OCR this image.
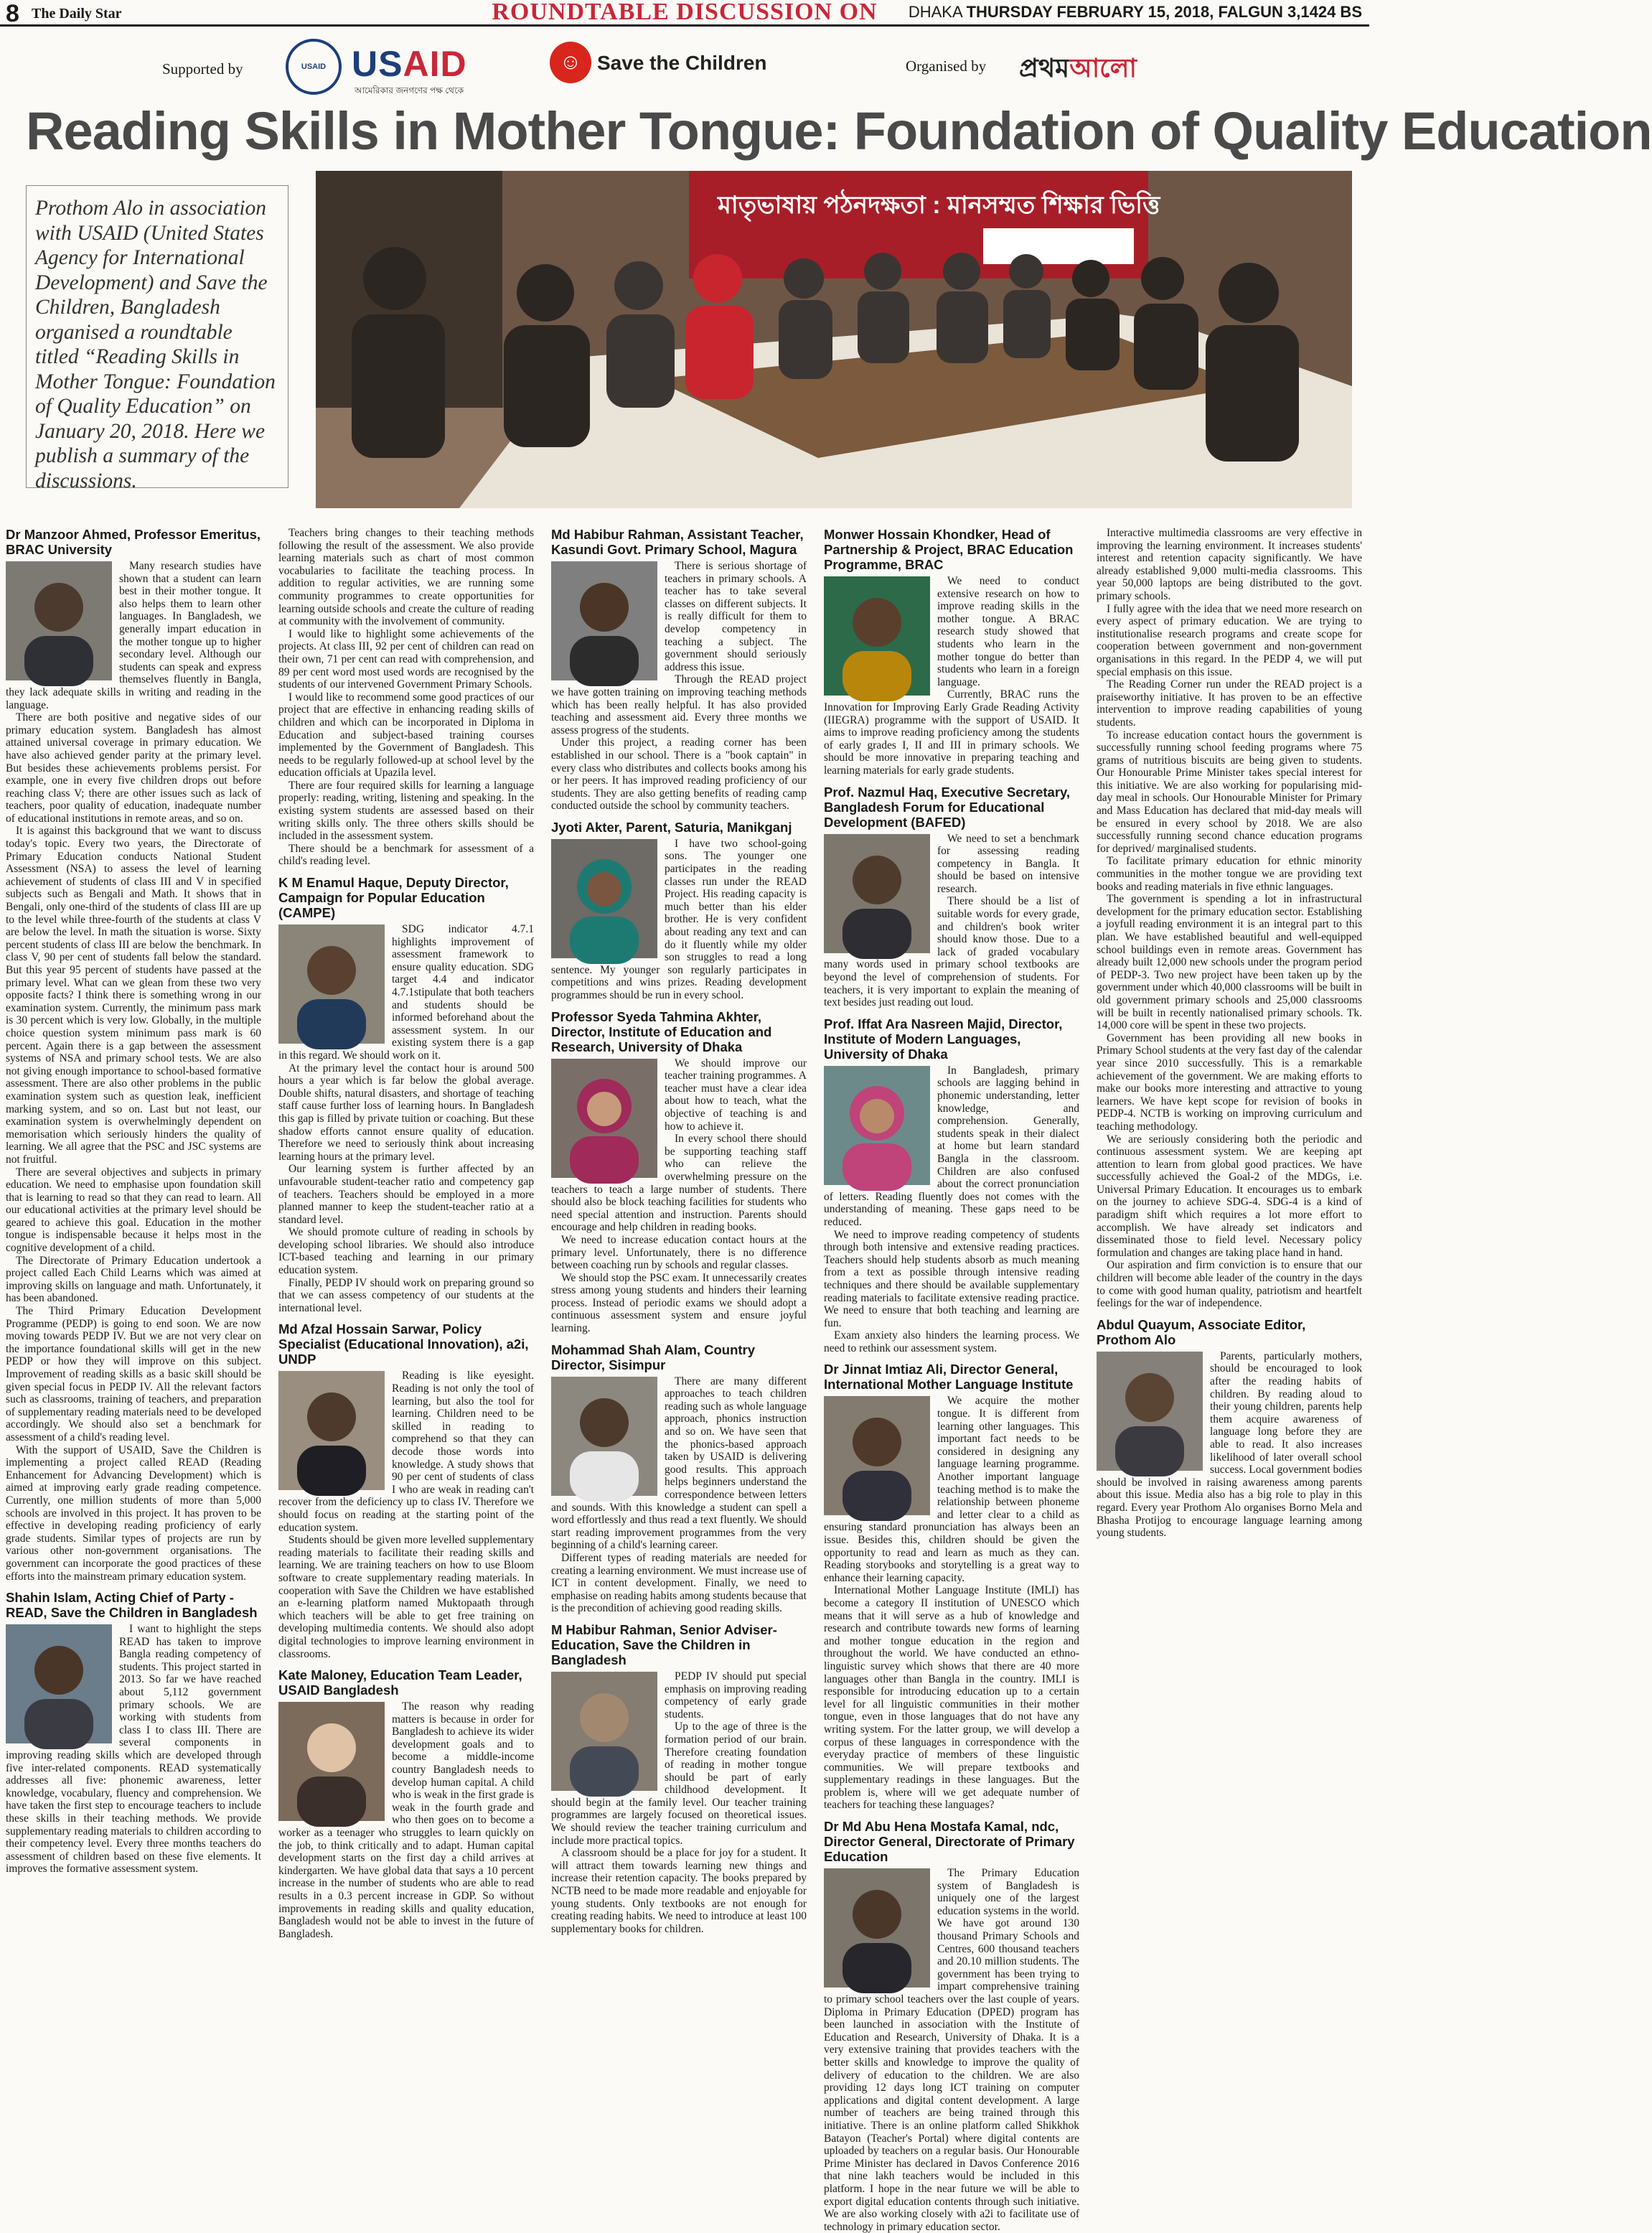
8 The Daily Star	ROUNDTABLE DISCUSSION ON	DHAKA THURSDAY FEBRUARY 15, 2018, FALGUN 3,1424 BS
Supported by	USAID USAID
আমেরিকার জনগণের পক্ষ থেকে
☺ Save the Children	Organised by প্রথমআলো
Reading Skills in Mother Tongue: Foundation of Quality Education
Prothom Alo in association with USAID (United States Agency for International Development) and Save the Children, Bangladesh organised a roundtable titled “Reading Skills in Mother Tongue: Foundation of Quality Education” on January 20, 2018. Here we publish a summary of the discussions.
মাতৃভাষায় পঠনদক্ষতা : মানসম্মত শিক্ষার ভিত্তি
Dr Manzoor Ahmed, Professor Emeritus, BRAC University

Many research studies have shown that a student can learn best in their mother tongue. It also helps them to learn other languages. In Bangladesh, we generally impart education in the mother tongue up to higher secondary level. Although our students can speak and express themselves fluently in Bangla, they lack adequate skills in writing and reading in the language.

There are both positive and negative sides of our primary education system. Bangladesh has almost attained universal coverage in primary education. We have also achieved gender parity at the primary level. But besides these achievements problems persist. For example, one in every five children drops out before reaching class V; there are other issues such as lack of teachers, poor quality of education, inadequate number of educational institutions in remote areas, and so on.

It is against this background that we want to discuss today's topic. Every two years, the Directorate of Primary Education conducts National Student Assessment (NSA) to assess the level of learning achievement of students of class III and V in specified subjects such as Bengali and Math. It shows that in Bengali, only one-third of the students of class III are up to the level while three-fourth of the students at class V are below the level. In math the situation is worse. Sixty percent students of class III are below the benchmark. In class V, 90 per cent of students fall below the standard. But this year 95 percent of students have passed at the primary level. What can we glean from these two very opposite facts? I think there is something wrong in our examination system. Currently, the minimum pass mark is 30 percent which is very low. Globally, in the multiple choice question system minimum pass mark is 60 percent. Again there is a gap between the assessment systems of NSA and primary school tests. We are also not giving enough importance to school-based formative assessment. There are also other problems in the public examination system such as question leak, inefficient marking system, and so on. Last but not least, our examination system is overwhelmingly dependent on memorisation which seriously hinders the quality of learning. We all agree that the PSC and JSC systems are not fruitful.

There are several objectives and subjects in primary education. We need to emphasise upon foundation skill that is learning to read so that they can read to learn. All our educational activities at the primary level should be geared to achieve this goal. Education in the mother tongue is indispensable because it helps most in the cognitive development of a child.

The Directorate of Primary Education undertook a project called Each Child Learns which was aimed at improving skills on language and math. Unfortunately, it has been abandoned.

The Third Primary Education Development Programme (PEDP) is going to end soon. We are now moving towards PEDP IV. But we are not very clear on the importance foundational skills will get in the new PEDP or how they will improve on this subject. Improvement of reading skills as a basic skill should be given special focus in PEDP IV. All the relevant factors such as classrooms, training of teachers, and preparation of supplementary reading materials need to be developed accordingly. We should also set a benchmark for assessment of a child's reading level.

With the support of USAID, Save the Children is implementing a project called READ (Reading Enhancement for Advancing Development) which is aimed at improving early grade reading competence. Currently, one million students of more than 5,000 schools are involved in this project. It has proven to be effective in developing reading proficiency of early grade students. Similar types of projects are run by various other non-government organisations. The government can incorporate the good practices of these efforts into the mainstream primary education system.

Shahin Islam, Acting Chief of Party - READ, Save the Children in Bangladesh

I want to highlight the steps READ has taken to improve Bangla reading competency of students. This project started in 2013. So far we have reached about 5,112 government primary schools. We are working with students from class I to class III. There are several components in improving reading skills which are developed through five inter-related components. READ systematically addresses all five: phonemic awareness, letter knowledge, vocabulary, fluency and comprehension. We have taken the first step to encourage teachers to include these skills in their teaching methods. We provide supplementary reading materials to children according to their competency level. Every three months teachers do assessment of children based on these five elements. It improves the formative assessment system.

Teachers bring changes to their teaching methods following the result of the assessment. We also provide learning materials such as chart of most common vocabularies to facilitate the teaching process. In addition to regular activities, we are running some community programmes to create opportunities for learning outside schools and create the culture of reading at community with the involvement of community.

I would like to highlight some achievements of the projects. At class III, 92 per cent of children can read on their own, 71 per cent can read with comprehension, and 89 per cent word most used words are recognised by the students of our intervened Government Primary Schools.

I would like to recommend some good practices of our project that are effective in enhancing reading skills of children and which can be incorporated in Diploma in Education and subject-based training courses implemented by the Government of Bangladesh. This needs to be regularly followed-up at school level by the education officials at Upazila level.

There are four required skills for learning a language properly: reading, writing, listening and speaking. In the existing system students are assessed based on their writing skills only. The three others skills should be included in the assessment system.

There should be a benchmark for assessment of a child's reading level.

K M Enamul Haque, Deputy Director, Campaign for Popular Education (CAMPE)

SDG indicator 4.7.1 highlights improvement of assessment framework to ensure quality education. SDG target 4.4 and indicator 4.7.1stipulate that both teachers and students should be informed beforehand about the assessment system. In our existing system there is a gap in this regard. We should work on it.

At the primary level the contact hour is around 500 hours a year which is far below the global average. Double shifts, natural disasters, and shortage of teaching staff cause further loss of learning hours. In Bangladesh this gap is filled by private tuition or coaching. But these shadow efforts cannot ensure quality of education. Therefore we need to seriously think about increasing learning hours at the primary level.

Our learning system is further affected by an unfavourable student-teacher ratio and competency gap of teachers. Teachers should be employed in a more planned manner to keep the student-teacher ratio at a standard level.

We should promote culture of reading in schools by developing school libraries. We should also introduce ICT-based teaching and learning in our primary education system.

Finally, PEDP IV should work on preparing ground so that we can assess competency of our students at the international level.

Md Afzal Hossain Sarwar, Policy Specialist (Educational Innovation), a2i, UNDP

Reading is like eyesight. Reading is not only the tool of learning, but also the tool for learning. Children need to be skilled in reading to comprehend so that they can decode those words into knowledge. A study shows that 90 per cent of students of class I who are weak in reading can't recover from the deficiency up to class IV. Therefore we should focus on reading at the starting point of the education system.

Students should be given more levelled supplementary reading materials to facilitate their reading skills and learning. We are training teachers on how to use Bloom software to create supplementary reading materials. In cooperation with Save the Children we have established an e-learning platform named Muktopaath through which teachers will be able to get free training on developing multimedia contents. We should also adopt digital technologies to improve learning environment in classrooms.

Kate Maloney, Education Team Leader, USAID Bangladesh

The reason why reading matters is because in order for Bangladesh to achieve its wider development goals and to become a middle-income country Bangladesh needs to develop human capital. A child who is weak in the first grade is weak in the fourth grade and who then goes on to become a worker as a teenager who struggles to learn quickly on the job, to think critically and to adapt. Human capital development starts on the first day a child arrives at kindergarten. We have global data that says a 10 percent increase in the number of students who are able to read results in a 0.3 percent increase in GDP. So without improvements in reading skills and quality education, Bangladesh would not be able to invest in the future of Bangladesh.

Md Habibur Rahman, Assistant Teacher, Kasundi Govt. Primary School, Magura

There is serious shortage of teachers in primary schools. A teacher has to take several classes on different subjects. It is really difficult for them to develop competency in teaching a subject. The government should seriously address this issue.

Through the READ project we have gotten training on improving teaching methods which has been really helpful. It has also provided teaching and assessment aid. Every three months we assess progress of the students.

Under this project, a reading corner has been established in our school. There is a "book captain" in every class who distributes and collects books among his or her peers. It has improved reading proficiency of our students. They are also getting benefits of reading camp conducted outside the school by community teachers.

Jyoti Akter, Parent, Saturia, Manikganj

I have two school-going sons. The younger one participates in the reading classes run under the READ Project. His reading capacity is much better than his elder brother. He is very confident about reading any text and can do it fluently while my older son struggles to read a long sentence. My younger son regularly participates in competitions and wins prizes. Reading development programmes should be run in every school.

Professor Syeda Tahmina Akhter, Director, Institute of Education and Research, University of Dhaka

We should improve our teacher training programmes. A teacher must have a clear idea about how to teach, what the objective of teaching is and how to achieve it.

In every school there should be supporting teaching staff who can relieve the overwhelming pressure on the teachers to teach a large number of students. There should also be block teaching facilities for students who need special attention and instruction. Parents should encourage and help children in reading books.

We need to increase education contact hours at the primary level. Unfortunately, there is no difference between coaching run by schools and regular classes.

We should stop the PSC exam. It unnecessarily creates stress among young students and hinders their learning process. Instead of periodic exams we should adopt a continuous assessment system and ensure joyful learning.

Mohammad Shah Alam, Country Director, Sisimpur

There are many different approaches to teach children reading such as whole language approach, phonics instruction and so on. We have seen that the phonics-based approach taken by USAID is delivering good results. This approach helps beginners understand the correspondence between letters and sounds. With this knowledge a student can spell a word effortlessly and thus read a text fluently. We should start reading improvement programmes from the very beginning of a child's learning career.

Different types of reading materials are needed for creating a learning environment. We must increase use of ICT in content development. Finally, we need to emphasise on reading habits among students because that is the precondition of achieving good reading skills.

M Habibur Rahman, Senior Adviser-Education, Save the Children in Bangladesh

PEDP IV should put special emphasis on improving reading competency of early grade students.

Up to the age of three is the formation period of our brain. Therefore creating foundation of reading in mother tongue should be part of early childhood development. It should begin at the family level. Our teacher training programmes are largely focused on theoretical issues. We should review the teacher training curriculum and include more practical topics.

A classroom should be a place for joy for a student. It will attract them towards learning new things and increase their retention capacity. The books prepared by NCTB need to be made more readable and enjoyable for young students. Only textbooks are not enough for creating reading habits. We need to introduce at least 100 supplementary books for children.

Monwer Hossain Khondker, Head of Partnership & Project, BRAC Education Programme, BRAC

We need to conduct extensive research on how to improve reading skills in the mother tongue. A BRAC research study showed that students who learn in the mother tongue do better than students who learn in a foreign language.

Currently, BRAC runs the Innovation for Improving Early Grade Reading Activity (IIEGRA) programme with the support of USAID. It aims to improve reading proficiency among the students of early grades I, II and III in primary schools. We should be more innovative in preparing teaching and learning materials for early grade students.

Prof. Nazmul Haq, Executive Secretary, Bangladesh Forum for Educational Development (BAFED)

We need to set a benchmark for assessing reading competency in Bangla. It should be based on intensive research.

There should be a list of suitable words for every grade, and children's book writer should know those. Due to a lack of graded vocabulary many words used in primary school textbooks are beyond the level of comprehension of students. For teachers, it is very important to explain the meaning of text besides just reading out loud.

Prof. Iffat Ara Nasreen Majid, Director, Institute of Modern Languages, University of Dhaka

In Bangladesh, primary schools are lagging behind in phonemic understanding, letter knowledge, and comprehension. Generally, students speak in their dialect at home but learn standard Bangla in the classroom. Children are also confused about the correct pronunciation of letters. Reading fluently does not comes with the understanding of meaning. These gaps need to be reduced.

We need to improve reading competency of students through both intensive and extensive reading practices. Teachers should help students absorb as much meaning from a text as possible through intensive reading techniques and there should be available supplementary reading materials to facilitate extensive reading practice. We need to ensure that both teaching and learning are fun.

Exam anxiety also hinders the learning process. We need to rethink our assessment system.

Dr Jinnat Imtiaz Ali, Director General, International Mother Language Institute

We acquire the mother tongue. It is different from learning other languages. This important fact needs to be considered in designing any language learning programme. Another important language teaching method is to make the relationship between phoneme and letter clear to a child as ensuring standard pronunciation has always been an issue. Besides this, children should be given the opportunity to read and learn as much as they can. Reading storybooks and storytelling is a great way to enhance their learning capacity.

International Mother Language Institute (IMLI) has become a category II institution of UNESCO which means that it will serve as a hub of knowledge and research and contribute towards new forms of learning and mother tongue education in the region and throughout the world. We have conducted an ethno-linguistic survey which shows that there are 40 more languages other than Bangla in the country. IMLI is responsible for introducing education up to a certain level for all linguistic communities in their mother tongue, even in those languages that do not have any writing system. For the latter group, we will develop a corpus of these languages in correspondence with the everyday practice of members of these linguistic communities. We will prepare textbooks and supplementary readings in these languages. But the problem is, where will we get adequate number of teachers for teaching these languages?

Dr Md Abu Hena Mostafa Kamal, ndc, Director General, Directorate of Primary Education

The Primary Education system of Bangladesh is uniquely one of the largest education systems in the world. We have got around 130 thousand Primary Schools and Centres, 600 thousand teachers and 20.10 million students. The government has been trying to impart comprehensive training to primary school teachers over the last couple of years. Diploma in Primary Education (DPED) program has been launched in association with the Institute of Education and Research, University of Dhaka. It is a very extensive training that provides teachers with the better skills and knowledge to improve the quality of delivery of education to the children. We are also providing 12 days long ICT training on computer applications and digital content development. A large number of teachers are being trained through this initiative. There is an online platform called Shikkhok Batayon (Teacher's Portal) where digital contents are uploaded by teachers on a regular basis. Our Honourable Prime Minister has declared in Davos Conference 2016 that nine lakh teachers would be included in this platform. I hope in the near future we will be able to export digital education contents through such initiative. We are also working closely with a2i to facilitate use of technology in primary education sector.

Interactive multimedia classrooms are very effective in improving the learning environment. It increases students' interest and retention capacity significantly. We have already established 9,000 multi-media classrooms. This year 50,000 laptops are being distributed to the govt. primary schools.

I fully agree with the idea that we need more research on every aspect of primary education. We are trying to institutionalise research programs and create scope for cooperation between government and non-government organisations in this regard. In the PEDP 4, we will put special emphasis on this issue.

The Reading Corner run under the READ project is a praiseworthy initiative. It has proven to be an effective intervention to improve reading capabilities of young students.

To increase education contact hours the government is successfully running school feeding programs where 75 grams of nutritious biscuits are being given to students. Our Honourable Prime Minister takes special interest for this initiative. We are also working for popularising mid-day meal in schools. Our Honourable Minister for Primary and Mass Education has declared that mid-day meals will be ensured in every school by 2018. We are also successfully running second chance education programs for deprived/ marginalised students.

To facilitate primary education for ethnic minority communities in the mother tongue we are providing text books and reading materials in five ethnic languages.

The government is spending a lot in infrastructural development for the primary education sector. Establishing a joyfull reading environment it is an integral part to this plan. We have established beautiful and well-equipped school buildings even in remote areas. Government has already built 12,000 new schools under the program period of PEDP-3. Two new project have been taken up by the government under which 40,000 classrooms will be built in old government primary schools and 25,000 classrooms will be built in recently nationalised primary schools. Tk. 14,000 core will be spent in these two projects.

Government has been providing all new books in Primary School students at the very fast day of the calendar year since 2010 successfully. This is a remarkable achievement of the government. We are making efforts to make our books more interesting and attractive to young learners. We have kept scope for revision of books in PEDP-4. NCTB is working on improving curriculum and teaching methodology.

We are seriously considering both the periodic and continuous assessment system. We are keeping apt attention to learn from global good practices. We have successfully achieved the Goal-2 of the MDGs, i.e. Universal Primary Education. It encourages us to embark on the journey to achieve SDG-4. SDG-4 is a kind of paradigm shift which requires a lot more effort to accomplish. We have already set indicators and disseminated those to field level. Necessary policy formulation and changes are taking place hand in hand.

Our aspiration and firm conviction is to ensure that our children will become able leader of the country in the days to come with good human quality, patriotism and heartfelt feelings for the war of independence.

Abdul Quayum, Associate Editor, Prothom Alo

Parents, particularly mothers, should be encouraged to look after the reading habits of children. By reading aloud to their young children, parents help them acquire awareness of language long before they are able to read. It also increases likelihood of later overall school success. Local government bodies should be involved in raising awareness among parents about this issue. Media also has a big role to play in this regard. Every year Prothom Alo organises Borno Mela and Bhasha Protijog to encourage language learning among young students.
